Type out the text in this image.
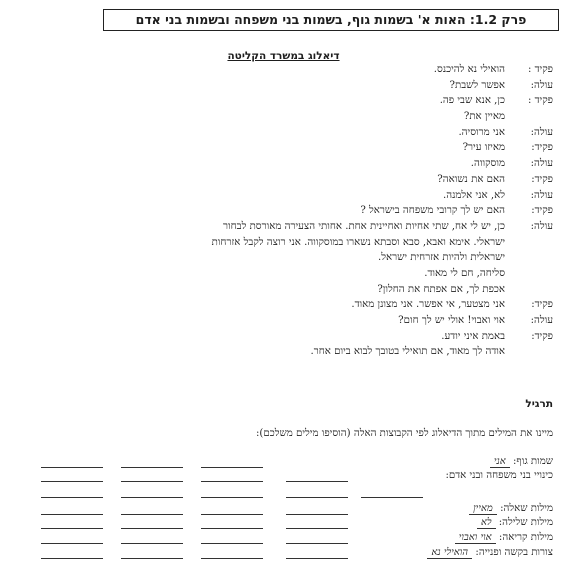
פרק 1.2: האות א' בשמות גוף, בשמות בני משפחה ובשמות בני אדם
דיאלוג במשרד הקליטה
פקיד :
הואילי נא להיכנס.
עולה:
אפשר לשבת?
פקיד :
כן, אנא שבי פה.
מאיין את?
עולה:
אני מרוסיה.
פקיד:
מאיזו עיר?
עולה:
מוסקווה.
פקיד:
האם את נשואה?
עולה:
לא, אני אלמנה.
פקיד:
האם יש לך קרובי משפחה בישראל ?
עולה:
כן, יש לי אח, שתי אחיות ואחיינית אחת. אחותי הצעירה מאורסת לבחור
ישראלי. אימא ואבא, סבא וסבתא נשארו במוסקווה. אני רוצה לקבל אזרחות
ישראלית ולהיות אזרחית ישראל.
סליחה, חם לי מאוד.
אכפת לך, אם אפתח את החלון?
פקיד:
אני מצטער, אי אפשר. אני מצונן מאוד.
עולה:
אוי ואבוי! אולי יש לך חום?
פקיד:
באמת איני יודע.
אודה לך מאוד, אם תואילי בטובך לבוא ביום אחר.
תרגיל
מיינו את המילים מתוך הדיאלוג לפי הקבוצות האלה (הוסיפו מילים משלכם):
שמות גוף: אני
כינויי בני משפחה ובני אדם:
מילות שאלה: מאיין
מילות שלילה: לא
מילות קריאה: אוי ואבוי
צורות בקשה ופנייה: הואילי נא
